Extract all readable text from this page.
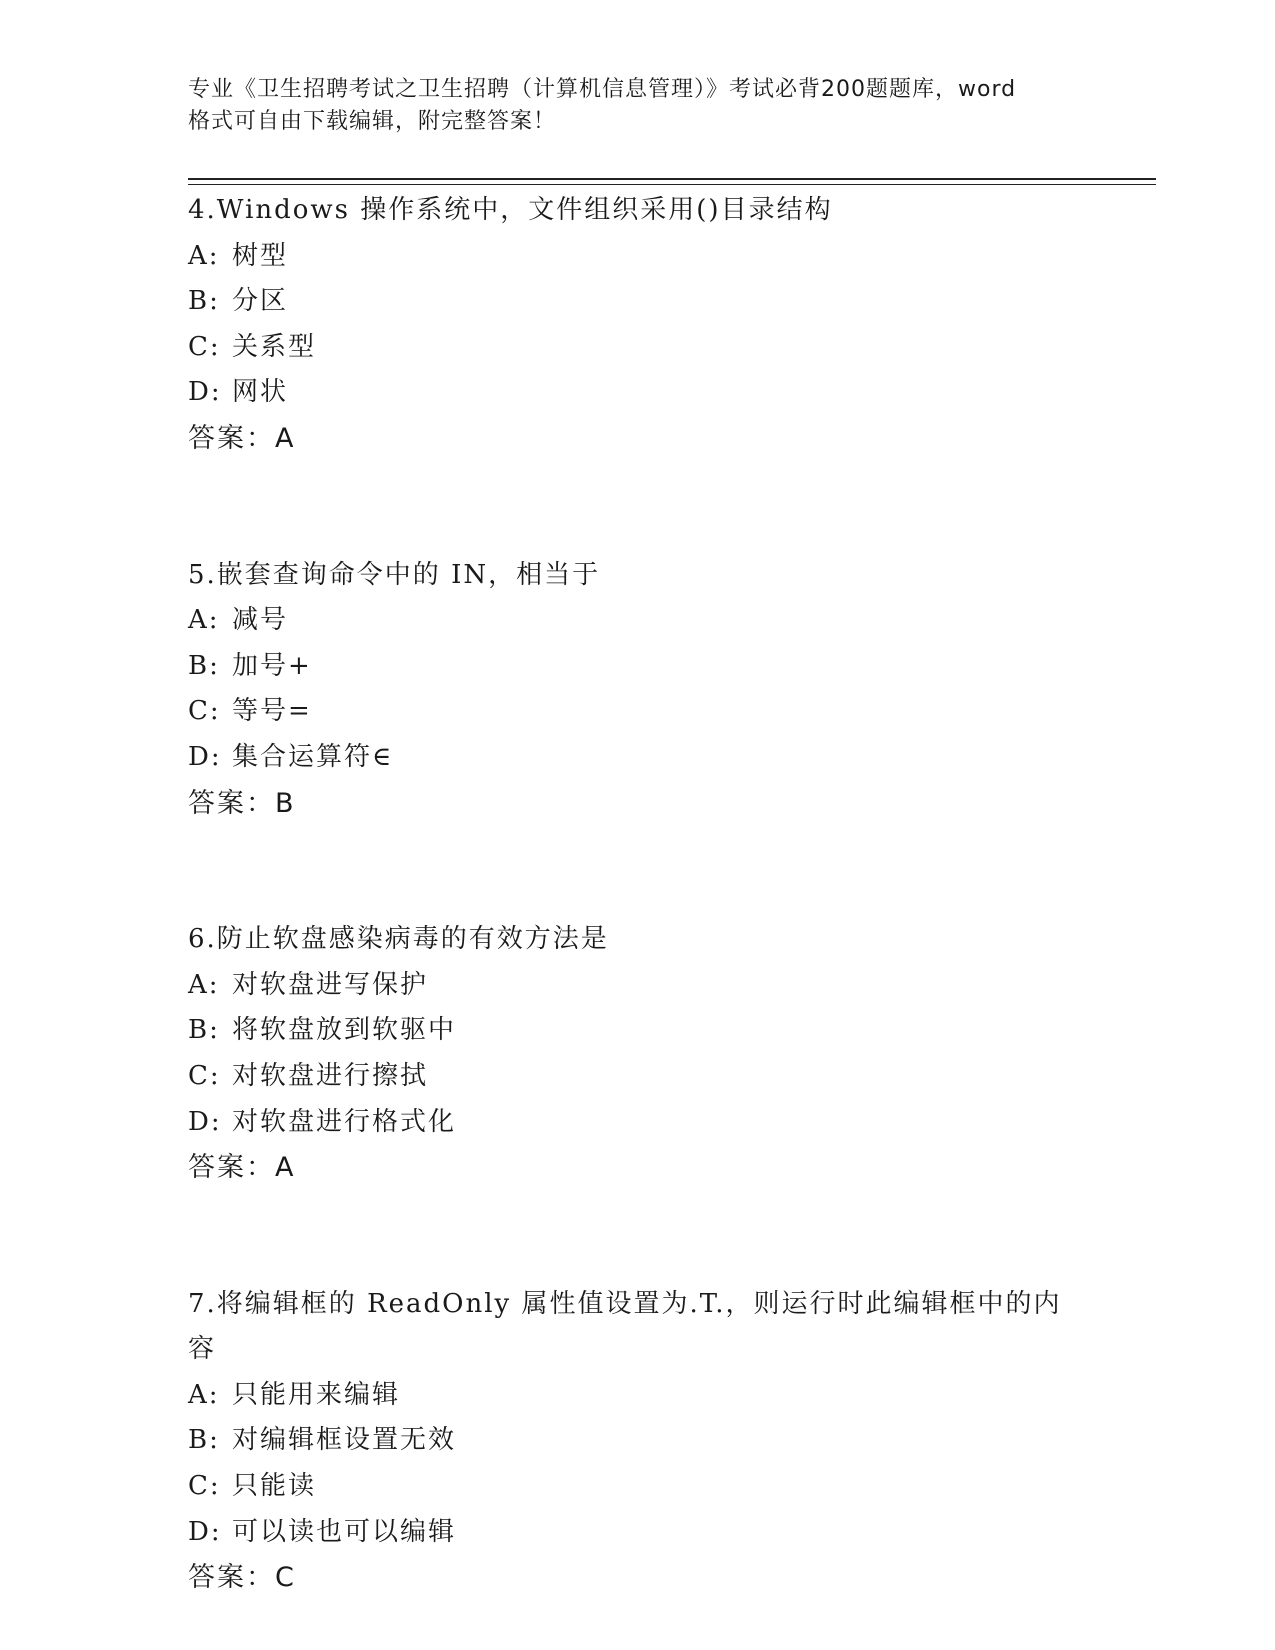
专业《卫生招聘考试之卫生招聘（计算机信息管理）》考试必背200题题库，word
格式可自由下载编辑，附完整答案！

4.Windows 操作系统中，文件组织采用()目录结构

A: 树型

B: 分区

C: 关系型

D: 网状

答案：A

5.嵌套查询命令中的 IN，相当于

A: 减号

B: 加号+

C: 等号=

D: 集合运算符∈

答案：B

6.防止软盘感染病毒的有效方法是

A: 对软盘进写保护

B: 将软盘放到软驱中

C: 对软盘进行擦拭

D: 对软盘进行格式化

答案：A

7.将编辑框的 ReadOnly 属性值设置为.T.，则运行时此编辑框中的内容

A: 只能用来编辑

B: 对编辑框设置无效

C: 只能读

D: 可以读也可以编辑

答案：C
